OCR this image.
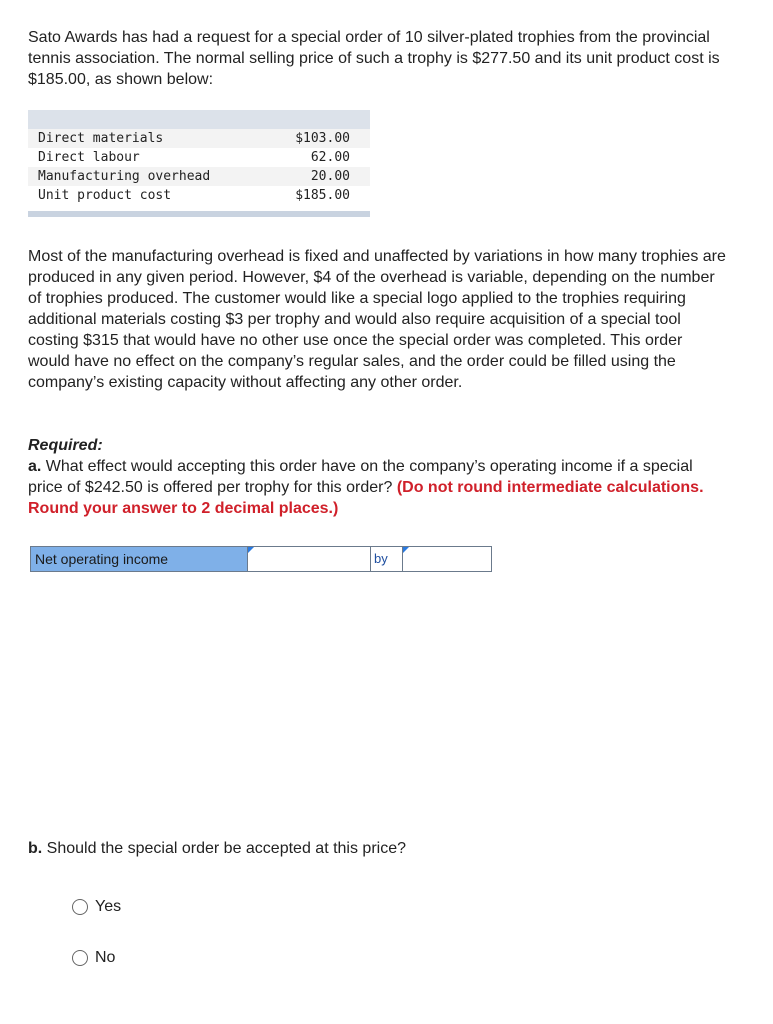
Sato Awards has had a request for a special order of 10 silver-plated trophies from the provincial tennis association. The normal selling price of such a trophy is $277.50 and its unit product cost is $185.00, as shown below:

Direct materials	$103.00
Direct labour	62.00
Manufacturing overhead	20.00
Unit product cost	$185.00

Most of the manufacturing overhead is fixed and unaffected by variations in how many trophies are produced in any given period. However, $4 of the overhead is variable, depending on the number of trophies produced. The customer would like a special logo applied to the trophies requiring additional materials costing $3 per trophy and would also require acquisition of a special tool costing $315 that would have no other use once the special order was completed. This order would have no effect on the company’s regular sales, and the order could be filled using the company’s existing capacity without affecting any other order.

Required:
a. What effect would accepting this order have on the company’s operating income if a special price of $242.50 is offered per trophy for this order? (Do not round intermediate calculations. Round your answer to 2 decimal places.)
Net operating income	by
b. Should the special order be accepted at this price?
Yes
No
